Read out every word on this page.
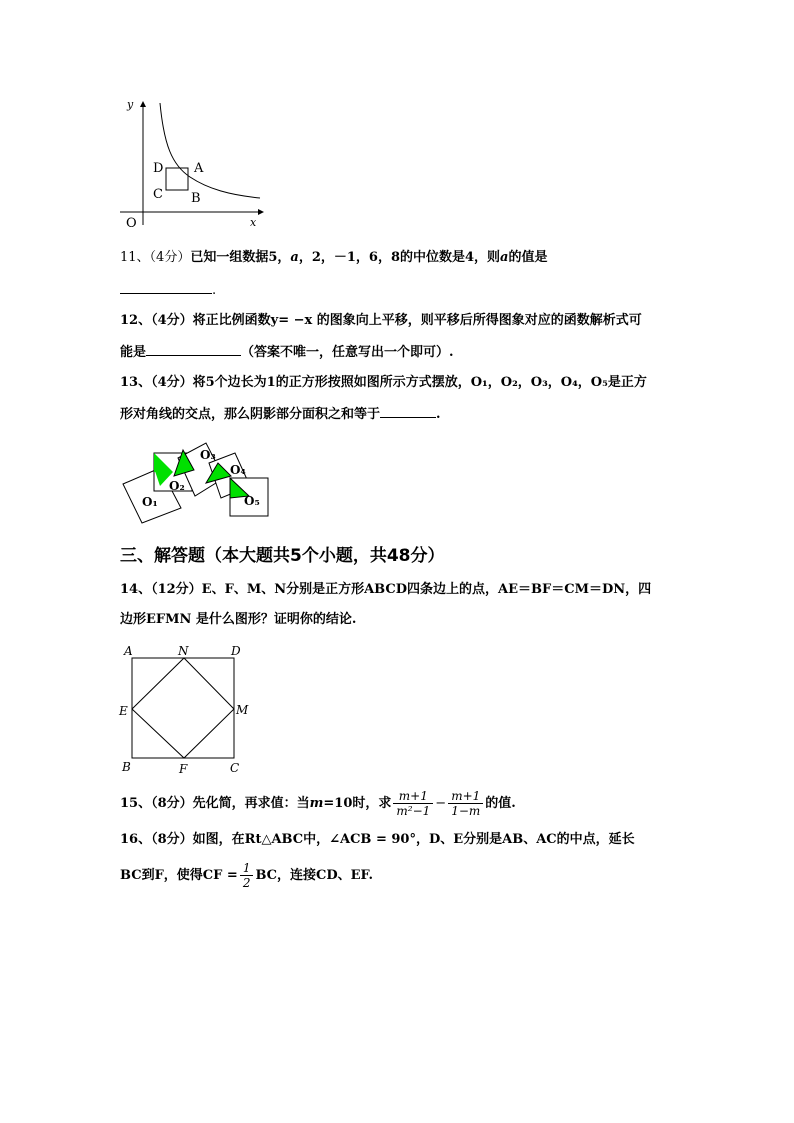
y
x
O
D A
C B
11、（4分）已知一组数据5，a，2，－1，6，8的中位数是4，则a的值是
.
12、（4分）将正比例函数y= −x 的图象向上平移，则平移后所得图象对应的函数解析式可
能是	（答案不唯一，任意写出一个即可）.
13、（4分）将5个边长为1的正方形按照如图所示方式摆放，O₁，O₂，O₃，O₄，O₅是正方
形对角线的交点，那么阴影部分面积之和等于	.
O₁
O₂
O₃
O₄
O₅
三、解答题（本大题共5个小题，共48分）
14、（12分）E、F、M、N分别是正方形ABCD四条边上的点，AE＝BF＝CM＝DN，四
边形EFMN 是什么图形？证明你的结论.
A	N	D
E	M
B	F	C
15、（8分）先化简，再求值：当m=10时，求 $\frac{m+1}{\text{m²−1}} - \frac{m+1}{1-m}$ 的值.
16、（8分）如图，在Rt△ABC中，∠ACB = 90°，D、E分别是AB、AC的中点，延长
BC到F，使得CF = $\frac{1}{2}$ BC，连接CD、EF.
